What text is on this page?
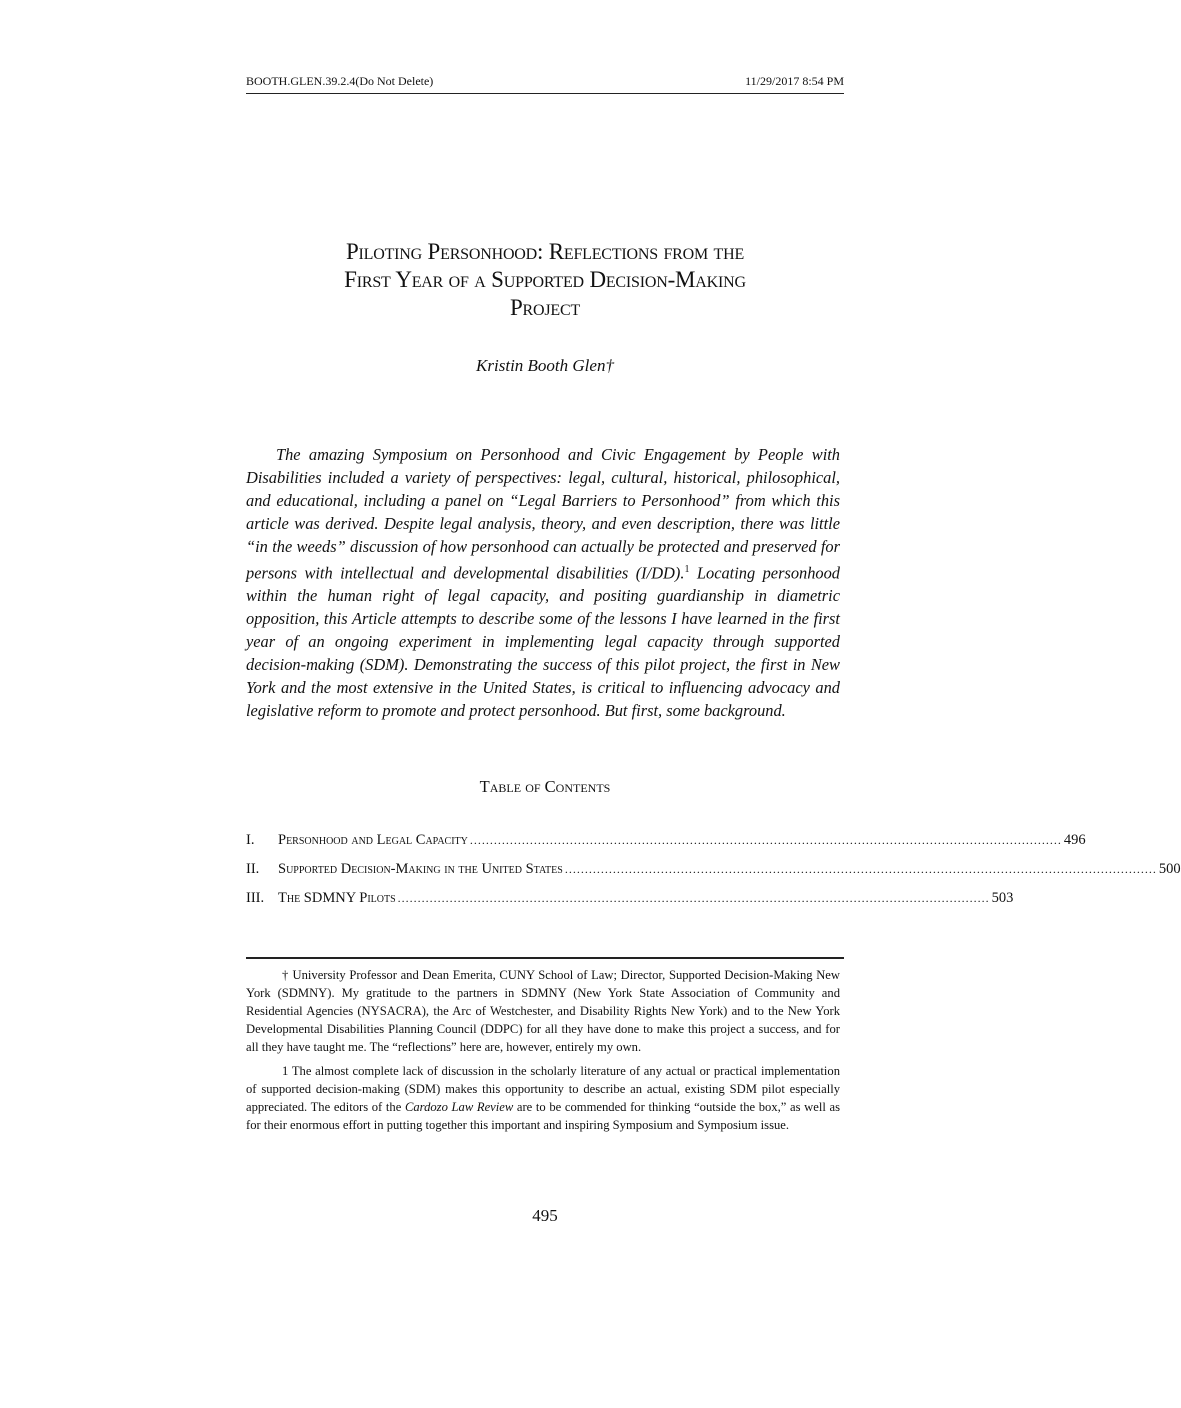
BOOTH.GLEN.39.2.4(Do Not Delete)	11/29/2017 8:54 PM
Piloting Personhood: Reflections from the
First Year of a Supported Decision-Making
Project
Kristin Booth Glen†

The amazing Symposium on Personhood and Civic Engagement by People with Disabilities included a variety of perspectives: legal, cultural, historical, philosophical, and educational, including a panel on “Legal Barriers to Personhood” from which this article was derived. Despite legal analysis, theory, and even description, there was little “in the weeds” discussion of how personhood can actually be protected and preserved for persons with intellectual and developmental disabilities (I/DD).$^1$ Locating personhood within the human right of legal capacity, and positing guardianship in diametric opposition, this Article attempts to describe some of the lessons I have learned in the first year of an ongoing experiment in implementing legal capacity through supported decision-making (SDM). Demonstrating the success of this pilot project, the first in New York and the most extensive in the United States, is critical to influencing advocacy and legislative reform to promote and protect personhood. But first, some background.

Table of Contents
I.	Personhood and Legal Capacity .................................................................................................................................................... 496
II.	Supported Decision-Making in the United States .................................................................................................................................................... 500
III. The SDMNY Pilots .................................................................................................................................................... 503

† University Professor and Dean Emerita, CUNY School of Law; Director, Supported Decision-Making New York (SDMNY). My gratitude to the partners in SDMNY (New York State Association of Community and Residential Agencies (NYSACRA), the Arc of Westchester, and Disability Rights New York) and to the New York Developmental Disabilities Planning Council (DDPC) for all they have done to make this project a success, and for all they have taught me. The “reflections” here are, however, entirely my own.

1 The almost complete lack of discussion in the scholarly literature of any actual or practical implementation of supported decision-making (SDM) makes this opportunity to describe an actual, existing SDM pilot especially appreciated. The editors of the Cardozo Law Review are to be commended for thinking “outside the box,” as well as for their enormous effort in putting together this important and inspiring Symposium and Symposium issue.

495
